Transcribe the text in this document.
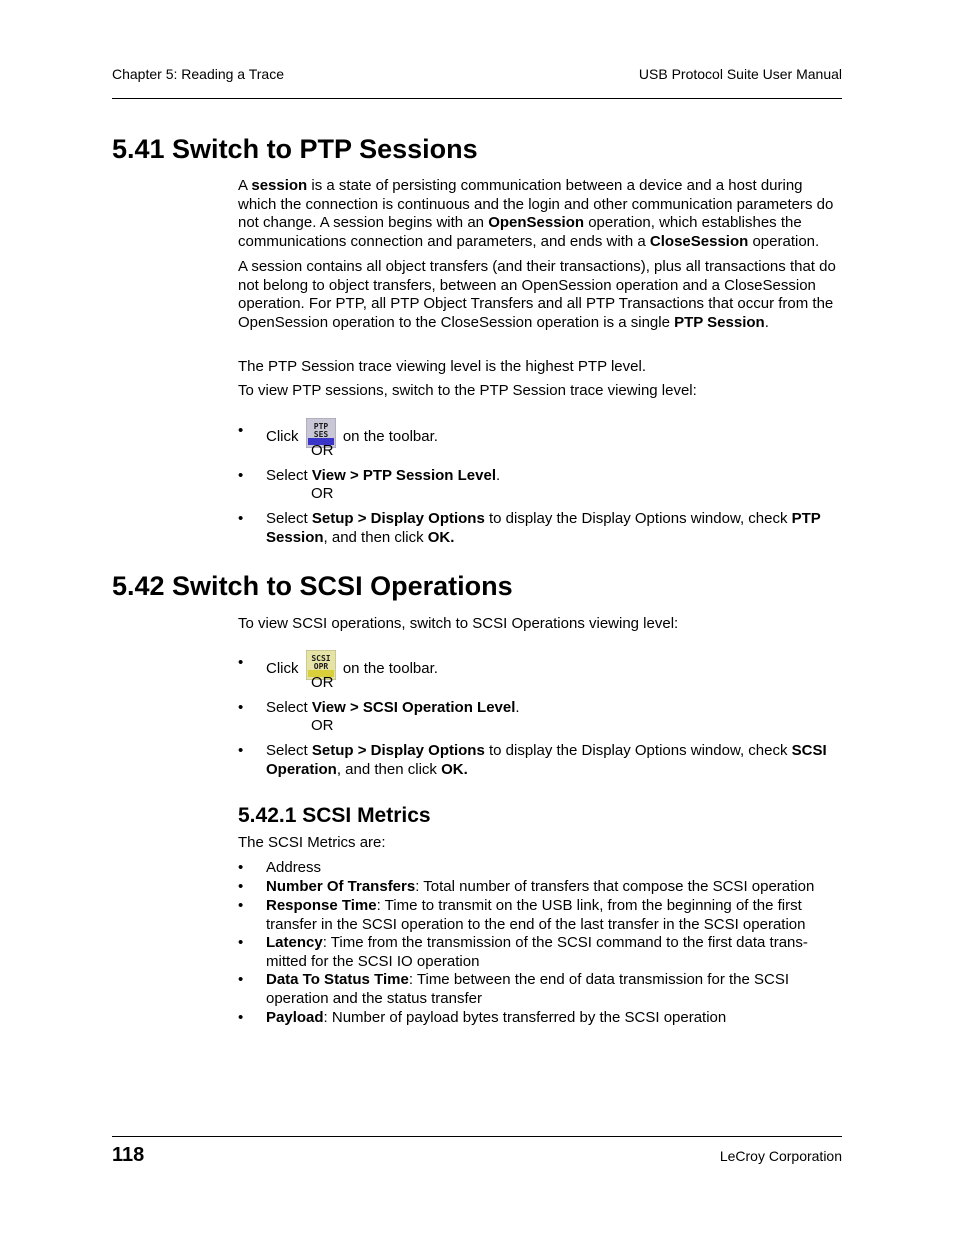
Chapter 5: Reading a Trace	USB Protocol Suite User Manual
5.41 Switch to PTP Sessions

A session is a state of persisting communication between a device and a host during which the connection is continuous and the login and other communication parameters do not change. A session begins with an OpenSession operation, which establishes the communications connection and parameters, and ends with a CloseSession operation.

A session contains all object transfers (and their transactions), plus all transactions that do not belong to object transfers, between an OpenSession operation and a CloseSession operation. For PTP, all PTP Object Transfers and all PTP Transactions that occur from the OpenSession operation to the CloseSession operation is a single PTP Session.

The PTP Session trace viewing level is the highest PTP level.

To view PTP sessions, switch to the PTP Session trace viewing level:

• Click
PTP
SES on the toolbar.
OR
• Select View > PTP Session Level.
OR
• Select Setup > Display Options to display the Display Options window, check PTP Session, and then click OK.
5.42 Switch to SCSI Operations

To view SCSI operations, switch to SCSI Operations viewing level:

• Click
SCSI
OPR on the toolbar.
OR
• Select View > SCSI Operation Level.
OR
• Select Setup > Display Options to display the Display Options window, check SCSI Operation, and then click OK.
5.42.1 SCSI Metrics

The SCSI Metrics are:

• Address
• Number Of Transfers: Total number of transfers that compose the SCSI operation
• Response Time: Time to transmit on the USB link, from the beginning of the first transfer in the SCSI operation to the end of the last transfer in the SCSI operation
• Latency: Time from the transmission of the SCSI command to the first data trans-mitted for the SCSI IO operation
• Data To Status Time: Time between the end of data transmission for the SCSI operation and the status transfer
• Payload: Number of payload bytes transferred by the SCSI operation
118	LeCroy Corporation
